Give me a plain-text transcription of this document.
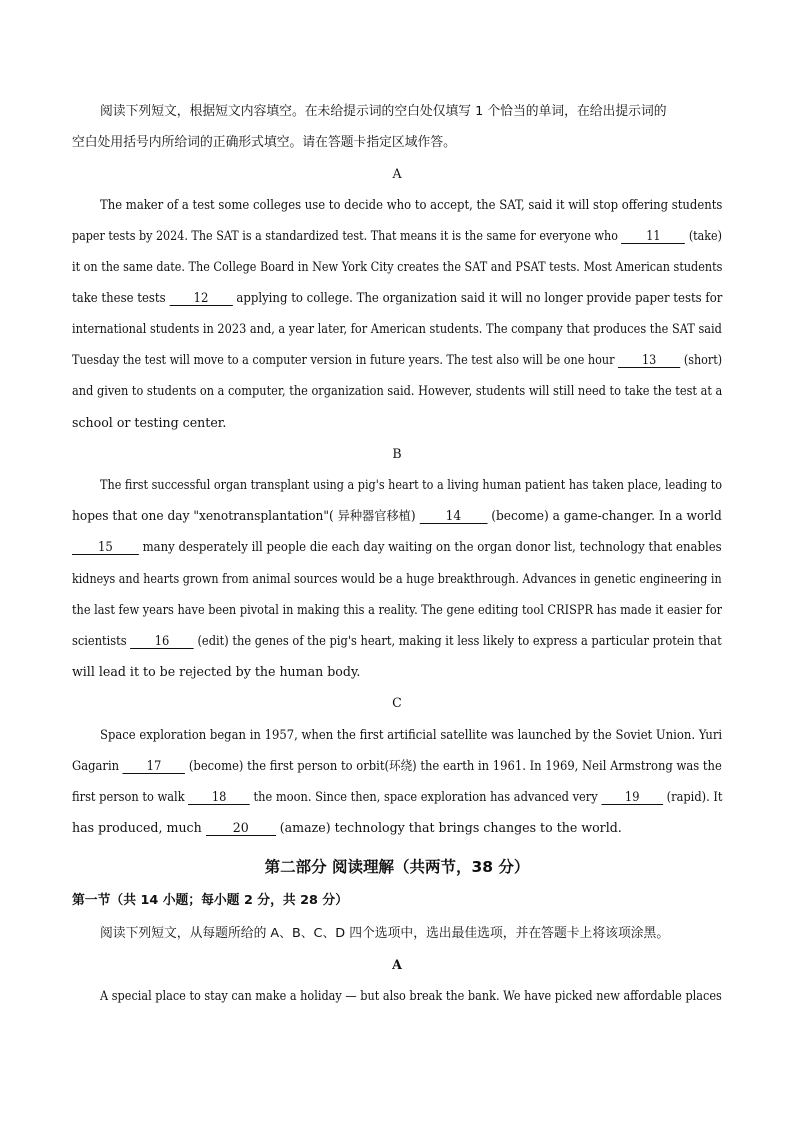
阅读下列短文，根据短文内容填空。在未给提示词的空白处仅填写 1 个恰当的单词，在给出提示词的
空白处用括号内所给词的正确形式填空。请在答题卡指定区域作答。
A
The maker of a test some colleges use to decide who to accept, the SAT, said it will stop offering students
paper tests by 2024. The SAT is a standardized test. That means it is the same for everyone who 11 (take)
it on the same date. The College Board in New York City creates the SAT and PSAT tests. Most American students
take these tests 12 applying to college. The organization said it will no longer provide paper tests for
international students in 2023 and, a year later, for American students. The company that produces the SAT said
Tuesday the test will move to a computer version in future years. The test also will be one hour 13 (short)
and given to students on a computer, the organization said. However, students will still need to take the test at a
school or testing center.
B
The first successful organ transplant using a pig's heart to a living human patient has taken place, leading to
hopes that one day "xenotransplantation"( 异种器官移植) 14 (become) a game-changer. In a world
15 many desperately ill people die each day waiting on the organ donor list, technology that enables
kidneys and hearts grown from animal sources would be a huge breakthrough. Advances in genetic engineering in
the last few years have been pivotal in making this a reality. The gene editing tool CRISPR has made it easier for
scientists 16 (edit) the genes of the pig's heart, making it less likely to express a particular protein that
will lead it to be rejected by the human body.
C
Space exploration began in 1957, when the first artificial satellite was launched by the Soviet Union. Yuri
Gagarin 17 (become) the first person to orbit(环绕) the earth in 1961. In 1969, Neil Armstrong was the
first person to walk 18 the moon. Since then, space exploration has advanced very 19 (rapid). It
has produced, much 20 (amaze) technology that brings changes to the world.
第二部分 阅读理解（共两节，38 分）
第一节（共 14 小题；每小题 2 分，共 28 分）
阅读下列短文，从每题所给的 A、B、C、D 四个选项中，选出最佳选项，并在答题卡上将该项涂黑。
A
A special place to stay can make a holiday — but also break the bank. We have picked new affordable places
